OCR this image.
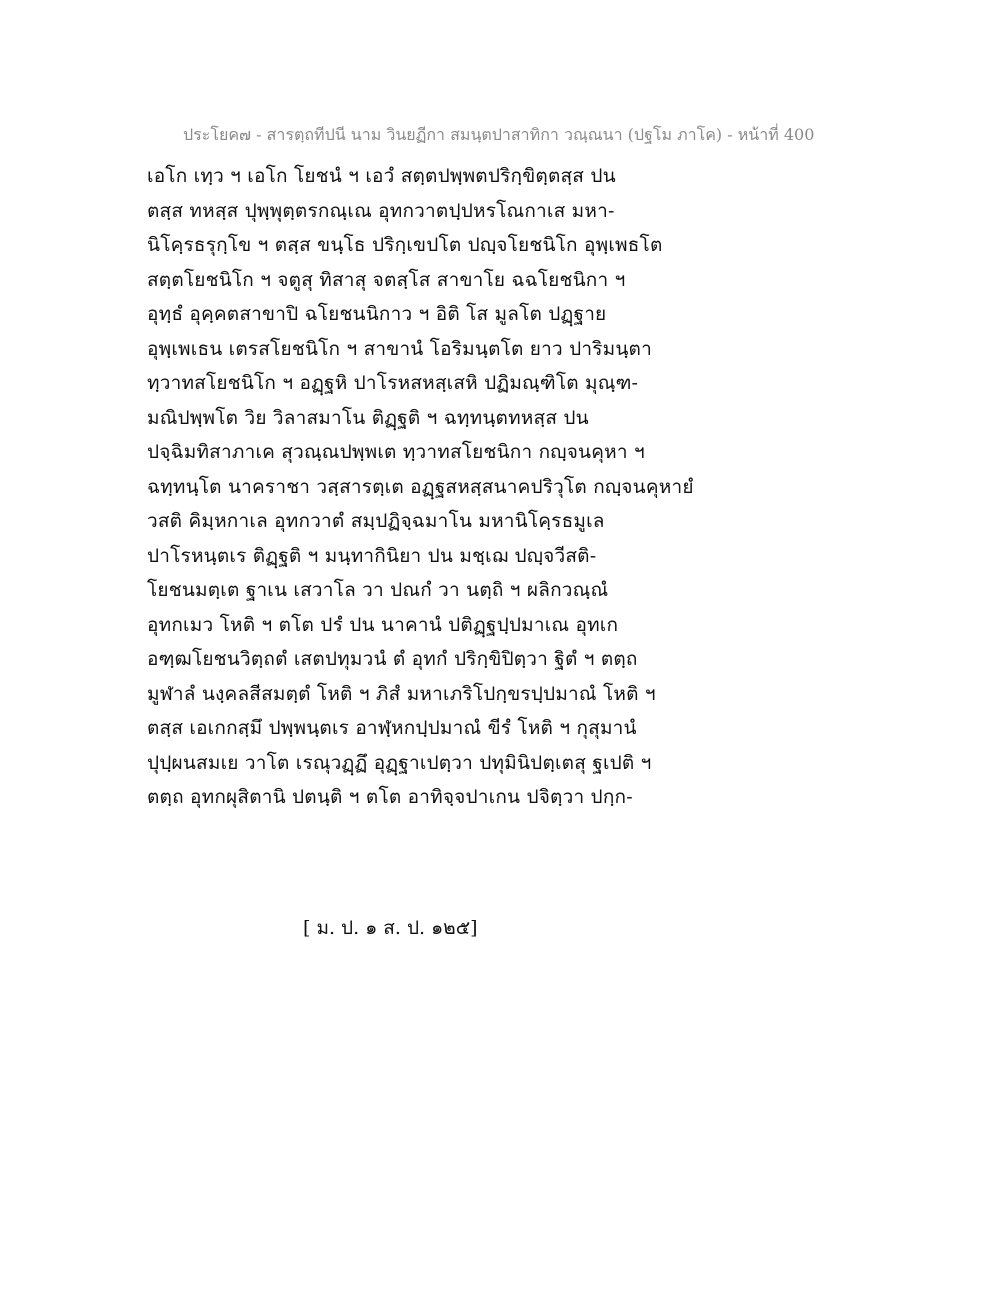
ประโยค๗ - สารตฺถทีปนี นาม วินยฏีกา สมนฺตปาสาทิกา วณฺณนา (ปฐโม ภาโค) - หน้าที่ 400
เอโก เทฺว ฯ เอโก โยชนํ ฯ เอวํ สตฺตปพฺพตปริกฺขิตฺตสฺส ปน
ตสฺส ทหสฺส ปุพฺพุตฺตรกณฺเณ อุทกวาตปฺปหรโณกาเส มหา-
นิโคฺรธรุกฺโข ฯ ตสฺส ขนฺโธ ปริกฺเขปโต ปญฺจโยชนิโก อุพฺเพธโต
สตฺตโยชนิโก ฯ จตูสุ ทิสาสุ จตสฺโส สาขาโย ฉฉโยชนิกา ฯ
อุทฺธํ อุคฺคตสาขาปิ ฉโยชนนิกาว ฯ อิติ โส มูลโต ปฏฺฐาย
อุพฺเพเธน เตรสโยชนิโก ฯ สาขานํ โอริมนฺตโต ยาว ปาริมนฺตา
ทฺวาทสโยชนิโก ฯ อฏฺฐหิ ปาโรหสหสฺเสหิ ปฏิมณฺฑิโต มุณฺฑ-
มณิปพฺพโต วิย วิลาสมาโน ติฏฺฐติ ฯ ฉทฺทนฺตทหสฺส ปน
ปจฺฉิมทิสาภาเค สุวณฺณปพฺพเต ทฺวาทสโยชนิกา กญฺจนคุหา ฯ
ฉทฺทนฺโต นาคราชา วสฺสารตฺเต อฏฺฐสหสฺสนาคปริวุโต กญฺจนคุหายํ
วสติ คิมฺหกาเล อุทกวาตํ สมฺปฏิจฺฉมาโน มหานิโคฺรธมูเล
ปาโรหนฺตเร ติฏฺฐติ ฯ มนฺทากินิยา ปน มชฺเฌ ปญฺจวีสติ-
โยชนมตฺเต ฐาเน เสวาโล วา ปณกํ วา นตฺถิ ฯ ผลิกวณฺณํ
อุทกเมว โหติ ฯ ตโต ปรํ ปน นาคานํ ปติฏฺฐปฺปมาเณ อุทเก
อฑฺฒโยชนวิตฺถตํ เสตปทุมวนํ ตํ อุทกํ ปริกฺขิปิตฺวา ฐิตํ ฯ ตตฺถ
มูฬาลํ นงฺคลสีสมตฺตํ โหติ ฯ ภิสํ มหาเภริโปกฺขรปฺปมาณํ โหติ ฯ
ตสฺส เอเกกสฺมึ ปพฺพนฺตเร อาฬฺหกปฺปมาณํ ขีรํ โหติ ฯ กุสุมานํ
ปุปฺผนสมเย วาโต เรณุวฏฺฏึ อุฏฺฐาเปตฺวา ปทุมินิปตฺเตสุ ฐเปติ ฯ
ตตฺถ อุทกผุสิตานิ ปตนฺติ ฯ ตโต อาทิจฺจปาเกน ปจิตฺวา ปกฺก-
[ ม. ป. ๑ ส. ป. ๑๒๕]
